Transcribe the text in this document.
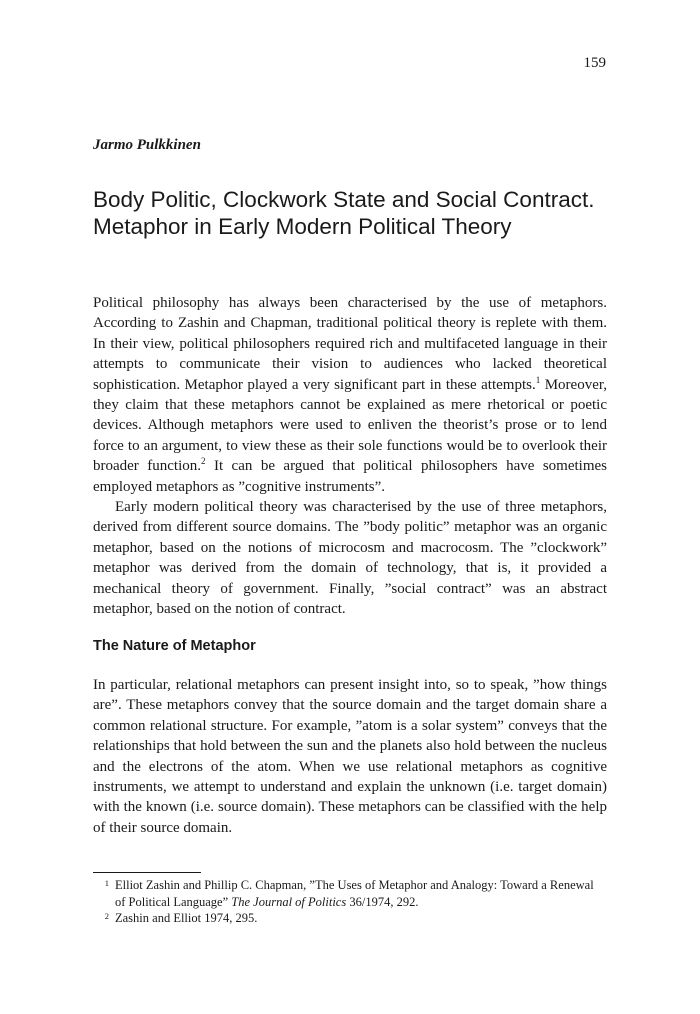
159
Jarmo Pulkkinen
Body Politic, Clockwork State and Social Contract.
Metaphor in Early Modern Political Theory

Political philosophy has always been characterised by the use of metaphors. According to Zashin and Chapman, traditional political theory is replete with them. In their view, political philosophers required rich and multifaceted language in their attempts to communicate their vision to audiences who lacked theoretical sophistication. Metaphor played a very significant part in these attempts.$^1$ Moreover, they claim that these metaphors cannot be explained as mere rhetorical or poetic devices. Although metaphors were used to enliven the theorist’s prose or to lend force to an argument, to view these as their sole functions would be to overlook their broader function.$^2$ It can be argued that political philosophers have sometimes employed metaphors as ”cognitive instruments”.

Early modern political theory was characterised by the use of three metaphors, derived from different source domains. The ”body politic” metaphor was an organic metaphor, based on the notions of microcosm and macrocosm. The ”clockwork” metaphor was derived from the domain of technology, that is, it provided a mechanical theory of government. Finally, ”social contract” was an abstract metaphor, based on the notion of contract.

The Nature of Metaphor

In particular, relational metaphors can present insight into, so to speak, ”how things are”. These metaphors convey that the source domain and the target domain share a common relational structure. For example, ”atom is a solar system” conveys that the relationships that hold between the sun and the planets also hold between the nucleus and the electrons of the atom. When we use relational metaphors as cognitive instruments, we attempt to understand and explain the unknown (i.e. target domain) with the known (i.e. source domain). These metaphors can be classified with the help of their source domain.

1 Elliot Zashin and Phillip C. Chapman, ”The Uses of Metaphor and Analogy: Toward a Renewal of Political Language” The Journal of Politics 36/1974, 292.
2 Zashin and Elliot 1974, 295.
